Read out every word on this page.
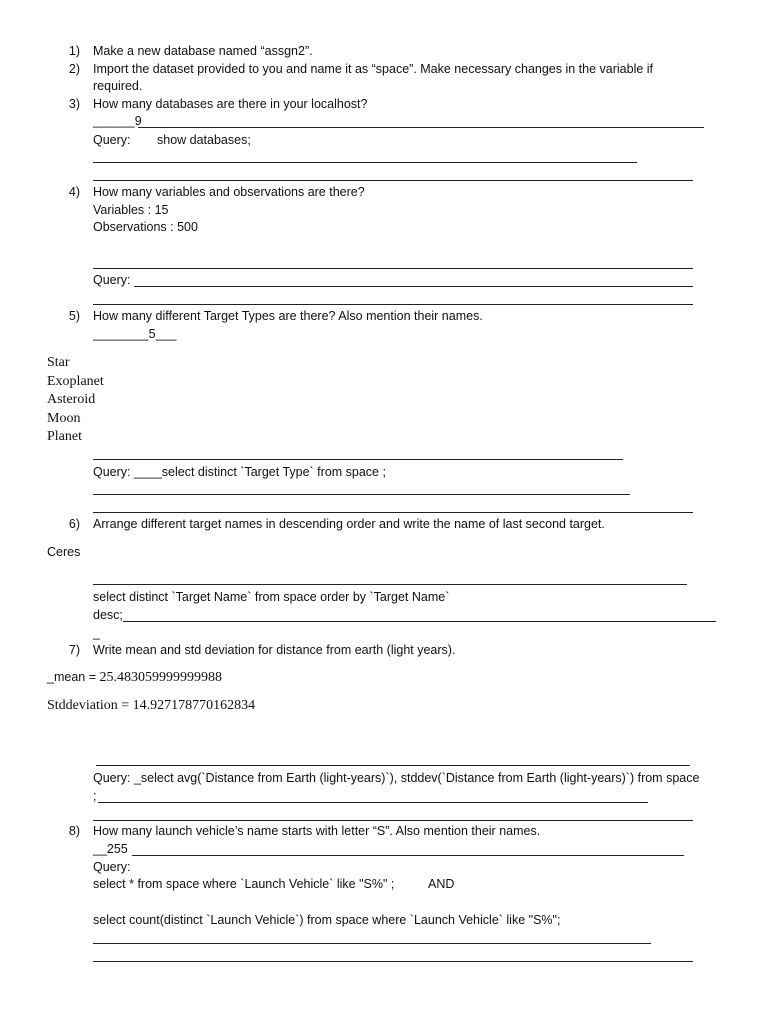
1) Make a new database named “assgn2”.
2) Import the dataset provided to you and name it as “space”. Make necessary changes in the variable if
required.
3) How many databases are there in your localhost?
______9
Query: show databases;
4) How many variables and observations are there?
Variables : 15
Observations : 500
Query:
5) How many different Target Types are there? Also mention their names.
________5___
Star
Exoplanet
Asteroid
Moon
Planet
Query: ____select distinct `Target Type` from space ;
6) Arrange different target names in descending order and write the name of last second target.
Ceres
select distinct `Target Name` from space order by `Target Name`
desc;
_
7) Write mean and std deviation for distance from earth (light years).
_mean = 25.483059999999988
Stddeviation = 14.927178770162834
Query: _select avg(`Distance from Earth (light-years)`), stddev(`Distance from Earth (light-years)`) from space
;
8) How many launch vehicle’s name starts with letter “S”. Also mention their names.
__255
Query:
select * from space where `Launch Vehicle` like "S%" ;	AND
select count(distinct `Launch Vehicle`) from space where `Launch Vehicle` like "S%";
